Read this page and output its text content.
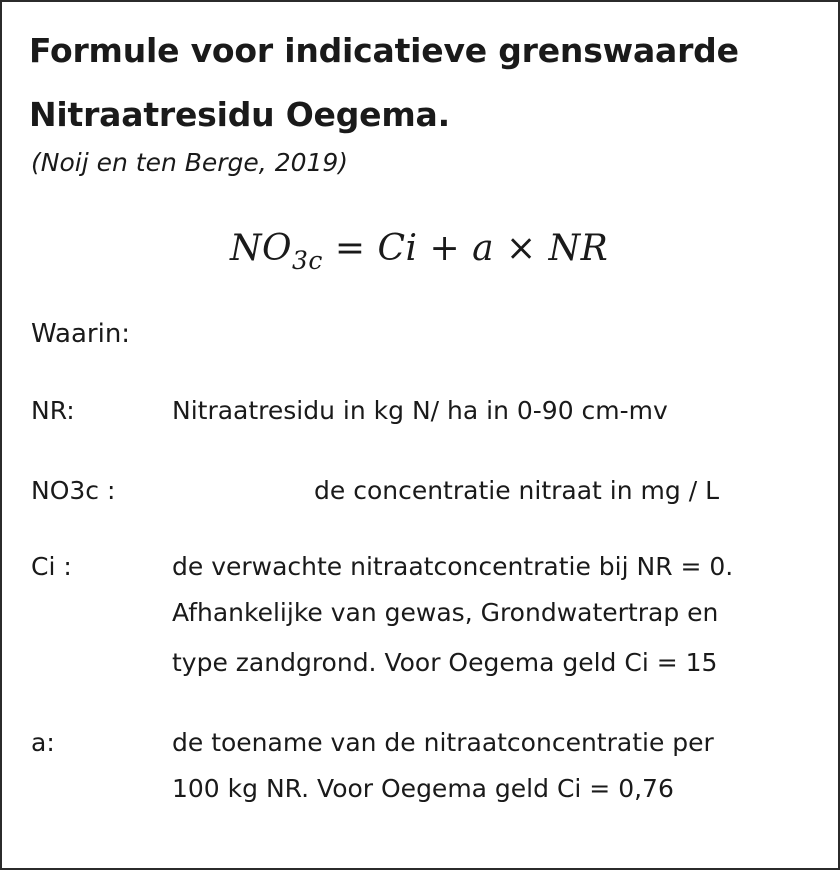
Formule voor indicatieve grenswaarde
Nitraatresidu Oegema.
(Noij en ten Berge, 2019)
$NO_{3c} = Ci + a$ × NR
Waarin:
NR:	Nitraatresidu in kg N/ ha in 0-90 cm-mv
NO3c :	de concentratie nitraat in mg / L
Ci :	de verwachte nitraatconcentratie bij NR = 0.
Afhankelijke van gewas, Grondwatertrap en
type zandgrond. Voor Oegema geld Ci = 15
a:	de toename van de nitraatconcentratie per
100 kg NR. Voor Oegema geld Ci = 0,76
